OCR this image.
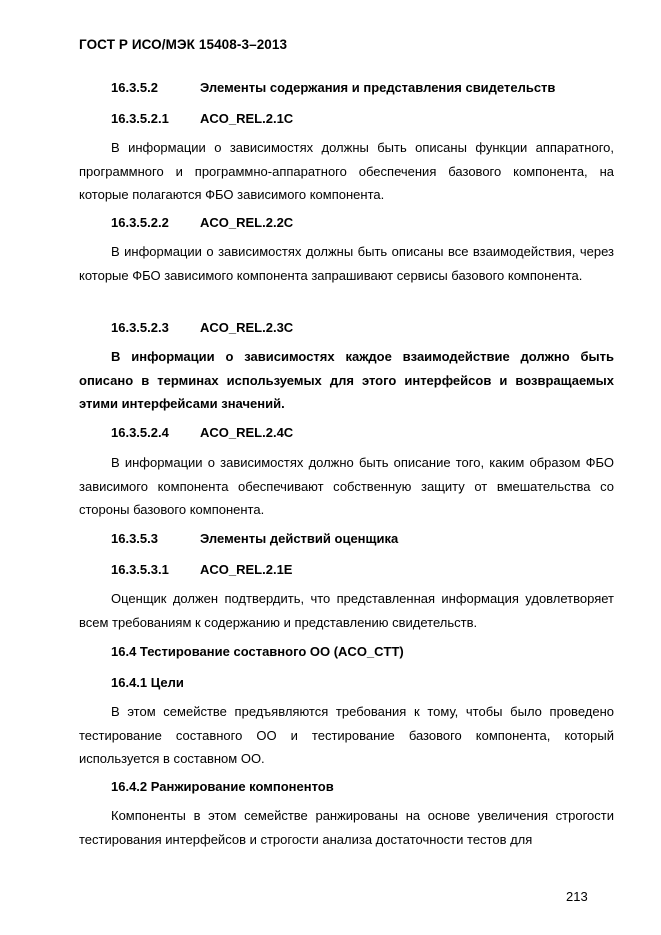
ГОСТ Р ИСО/МЭК 15408-3–2013
16.3.5.2	Элементы содержания и представления свидетельств
16.3.5.2.1 ACO_REL.2.1C
В информации о зависимостях должны быть описаны функции аппаратного, программного и программно-аппаратного обеспечения базового компонента, на которые полагаются ФБО зависимого компонента.
16.3.5.2.2 ACO_REL.2.2C
В информации о зависимостях должны быть описаны все взаимодействия, через которые ФБО зависимого компонента запрашивают сервисы базового компонента.
16.3.5.2.3 ACO_REL.2.3C
В информации о зависимостях каждое взаимодействие должно быть описано в терминах используемых для этого интерфейсов и возвращаемых этими интерфейсами значений.
16.3.5.2.4 ACO_REL.2.4C
В информации о зависимостях должно быть описание того, каким образом ФБО зависимого компонента обеспечивают собственную защиту от вмешательства со стороны базового компонента.
16.3.5.3	Элементы действий оценщика
16.3.5.3.1 ACO_REL.2.1E
Оценщик должен подтвердить, что представленная информация удовлетворяет всем требованиям к содержанию и представлению свидетельств.
16.4 Тестирование составного ОО (ACO_CTT)
16.4.1 Цели
В этом семействе предъявляются требования к тому, чтобы было проведено тестирование составного ОО и тестирование базового компонента, который используется в составном ОО.
16.4.2 Ранжирование компонентов
Компоненты в этом семействе ранжированы на основе увеличения строгости тестирования интерфейсов и строгости анализа достаточности тестов для
213
